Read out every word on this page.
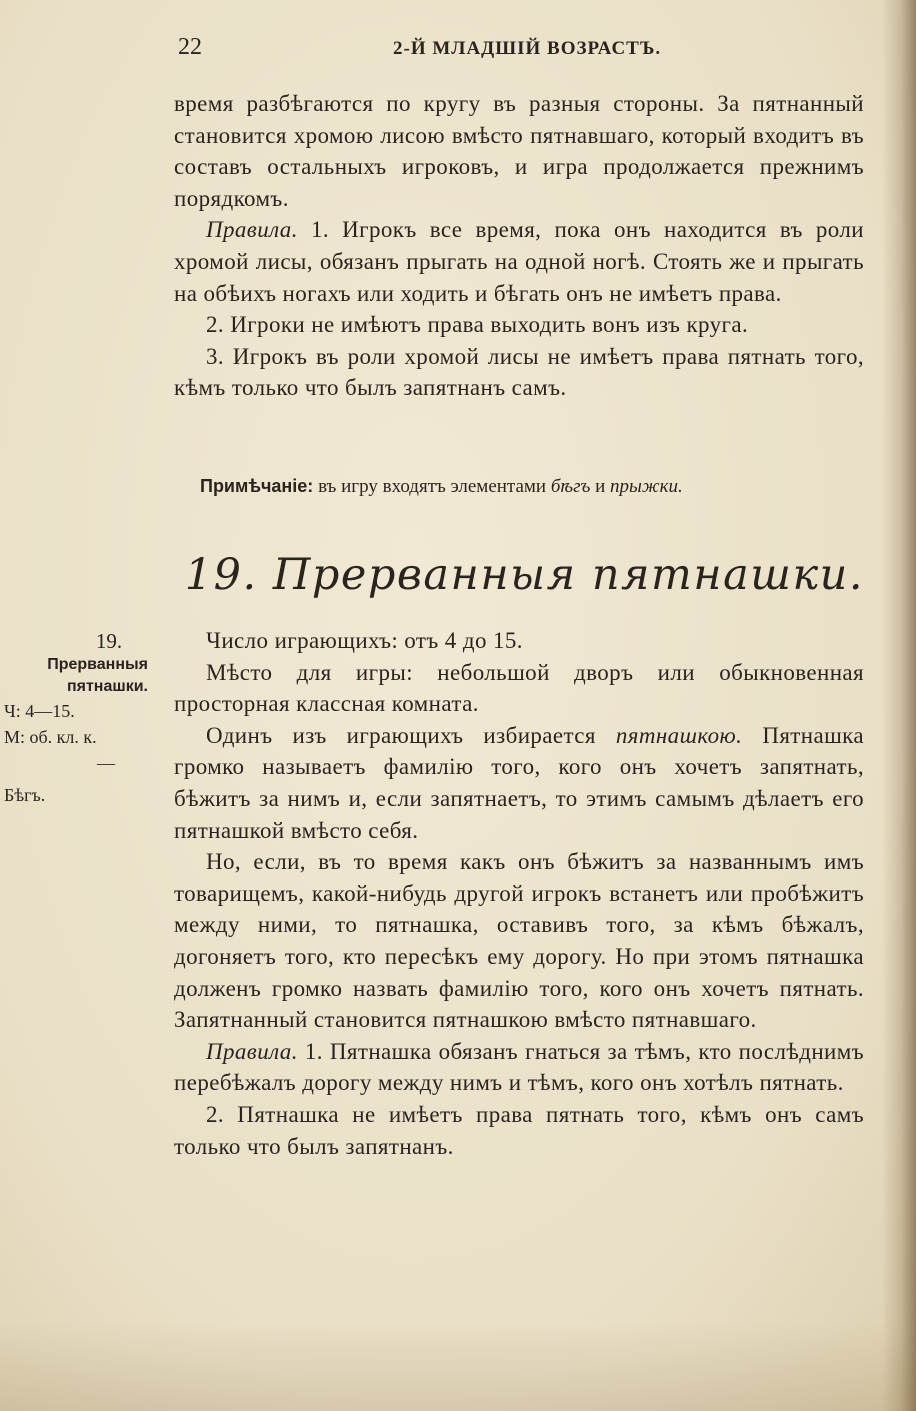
22	2-Й МЛАДШІЙ ВОЗРАСТЪ.

время разбѣгаются по кругу въ разныя стороны. За пятнанный становится хромою лисою вмѣсто пятнавшаго, который входитъ въ составъ остальныхъ игроковъ, и игра продолжается прежнимъ порядкомъ.

Правила. 1. Игрокъ все время, пока онъ находится въ роли хромой лисы, обязанъ прыгать на одной ногѣ. Стоять же и прыгать на обѣихъ ногахъ или ходить и бѣгать онъ не имѣетъ права.

2. Игроки не имѣютъ права выходить вонъ изъ круга.

3. Игрокъ въ роли хромой лисы не имѣетъ права пятнать того, кѣмъ только что былъ запятнанъ самъ.

Примѣчаніе: въ игру входятъ элементами бѣгъ и прыжки.
19. Прерванныя пятнашки.
19.
Прерванныя
пятнашки.
Ч: 4—15.
М: об. кл. к.
—
Бѣгъ.

Число играющихъ: отъ 4 до 15.

Мѣсто для игры: небольшой дворъ или обыкновенная просторная классная комната.

Одинъ изъ играющихъ избирается пятнашкою. Пятнашка громко называетъ фамилію того, кого онъ хочетъ запятнать, бѣжитъ за нимъ и, если запятнаетъ, то этимъ самымъ дѣлаетъ его пятнашкой вмѣсто себя.

Но, если, въ то время какъ онъ бѣжитъ за названнымъ имъ товарищемъ, какой-нибудь другой игрокъ встанетъ или пробѣжитъ между ними, то пятнашка, оставивъ того, за кѣмъ бѣжалъ, догоняетъ того, кто пересѣкъ ему дорогу. Но при этомъ пятнашка долженъ громко назвать фамилію того, кого онъ хочетъ пятнать. Запятнанный становится пятнашкою вмѣсто пятнавшаго.

Правила. 1. Пятнашка обязанъ гнаться за тѣмъ, кто послѣднимъ перебѣжалъ дорогу между нимъ и тѣмъ, кого онъ хотѣлъ пятнать.

2. Пятнашка не имѣетъ права пятнать того, кѣмъ онъ самъ только что былъ запятнанъ.
